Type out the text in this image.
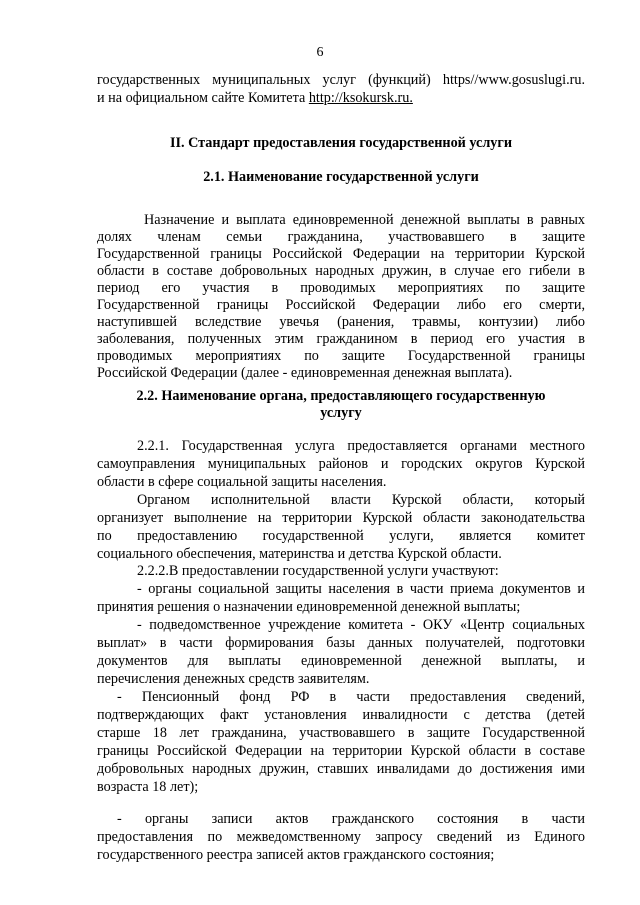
6
государственных муниципальных услуг (функций) https//www.gosuslugi.ru.
и на официальном сайте Комитета http://ksokursk.ru.
II. Стандарт предоставления государственной услуги
2.1. Наименование государственной услуги
Назначение и выплата единовременной денежной выплаты в равных
долях членам семьи гражданина, участвовавшего в защите
Государственной границы Российской Федерации на территории Курской
области в составе добровольных народных дружин, в случае его гибели в
период его участия в проводимых мероприятиях по защите
Государственной границы Российской Федерации либо его смерти,
наступившей вследствие увечья (ранения, травмы, контузии) либо
заболевания, полученных этим гражданином в период его участия в
проводимых мероприятиях по защите Государственной границы
Российской Федерации (далее - единовременная денежная выплата).
2.2. Наименование органа, предоставляющего государственную
услугу
2.2.1. Государственная услуга предоставляется органами местного
самоуправления муниципальных районов и городских округов Курской
области в сфере социальной защиты населения.
Органом исполнительной власти Курской области, который
организует выполнение на территории Курской области законодательства
по предоставлению государственной услуги, является комитет
социального обеспечения, материнства и детства Курской области.
2.2.2.В предоставлении государственной услуги участвуют:
- органы социальной защиты населения в части приема документов и
принятия решения о назначении единовременной денежной выплаты;
- подведомственное учреждение комитета - ОКУ «Центр социальных
выплат» в части формирования базы данных получателей, подготовки
документов для выплаты единовременной денежной выплаты, и
перечисления денежных средств заявителям.
- Пенсионный фонд РФ в части предоставления сведений,
подтверждающих факт установления инвалидности с детства (детей
старше 18 лет гражданина, участвовавшего в защите Государственной
границы Российской Федерации на территории Курской области в составе
добровольных народных дружин, ставших инвалидами до достижения ими
возраста 18 лет);
- органы записи актов гражданского состояния в части
предоставления по межведомственному запросу сведений из Единого
государственного реестра записей актов гражданского состояния;
